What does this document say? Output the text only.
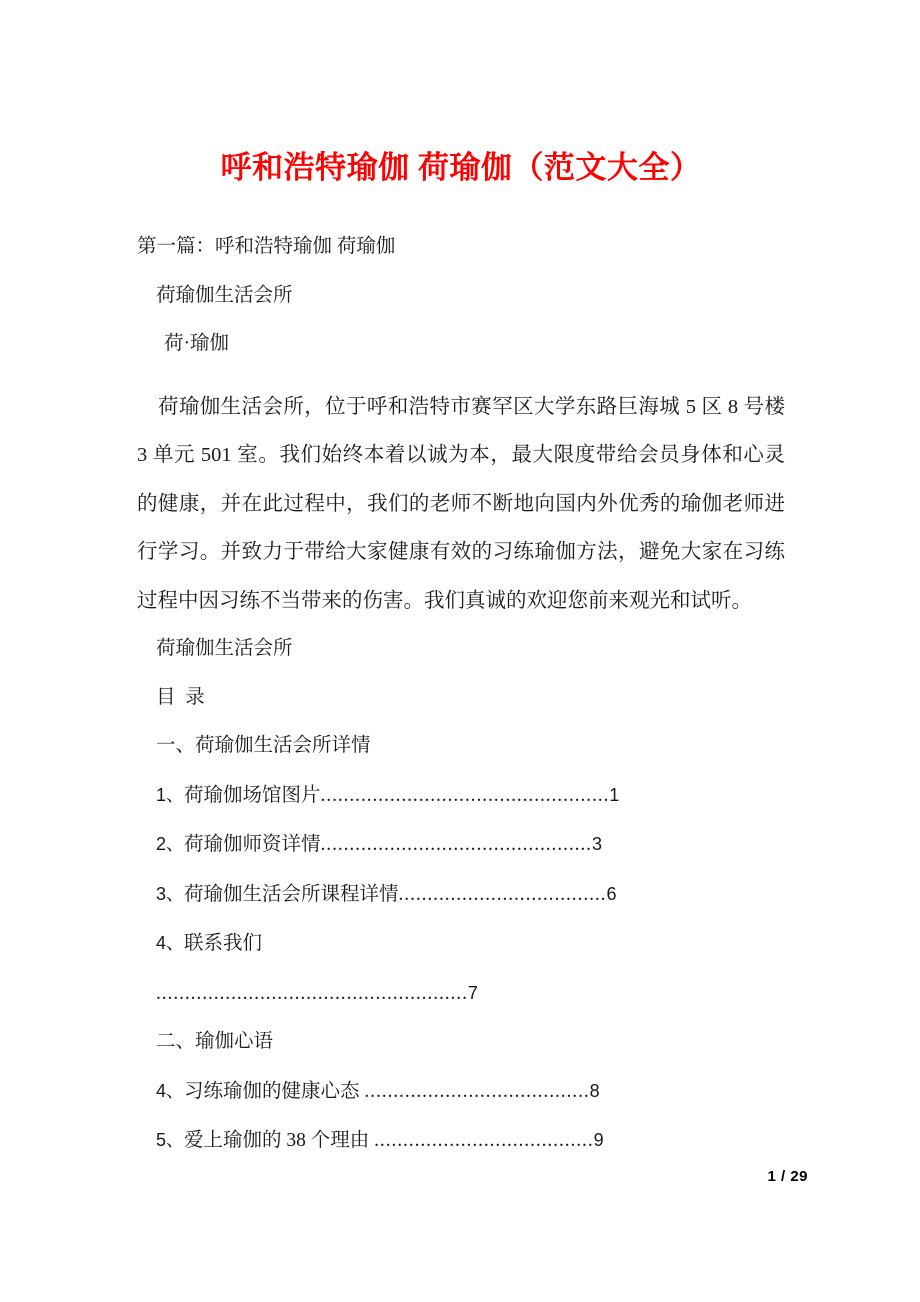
呼和浩特瑜伽 荷瑜伽（范文大全）
第一篇：呼和浩特瑜伽 荷瑜伽
荷瑜伽生活会所
荷·瑜伽

荷瑜伽生活会所，位于呼和浩特市赛罕区大学东路巨海城 5 区 8 号楼 3 单元 501 室。我们始终本着以诚为本，最大限度带给会员身体和心灵的健康，并在此过程中，我们的老师不断地向国内外优秀的瑜伽老师进行学习。并致力于带给大家健康有效的习练瑜伽方法，避免大家在习练过程中因习练不当带来的伤害。我们真诚的欢迎您前来观光和试听。

荷瑜伽生活会所
目  录
一、荷瑜伽生活会所详情
1、荷瑜伽场馆图片..................................................1
2、荷瑜伽师资详情...............................................3
3、荷瑜伽生活会所课程详情....................................6
4、联系我们
......................................................7
二、瑜伽心语
4、习练瑜伽的健康心态 .......................................8
5、爱上瑜伽的 38 个理由 ......................................9
1 / 29
